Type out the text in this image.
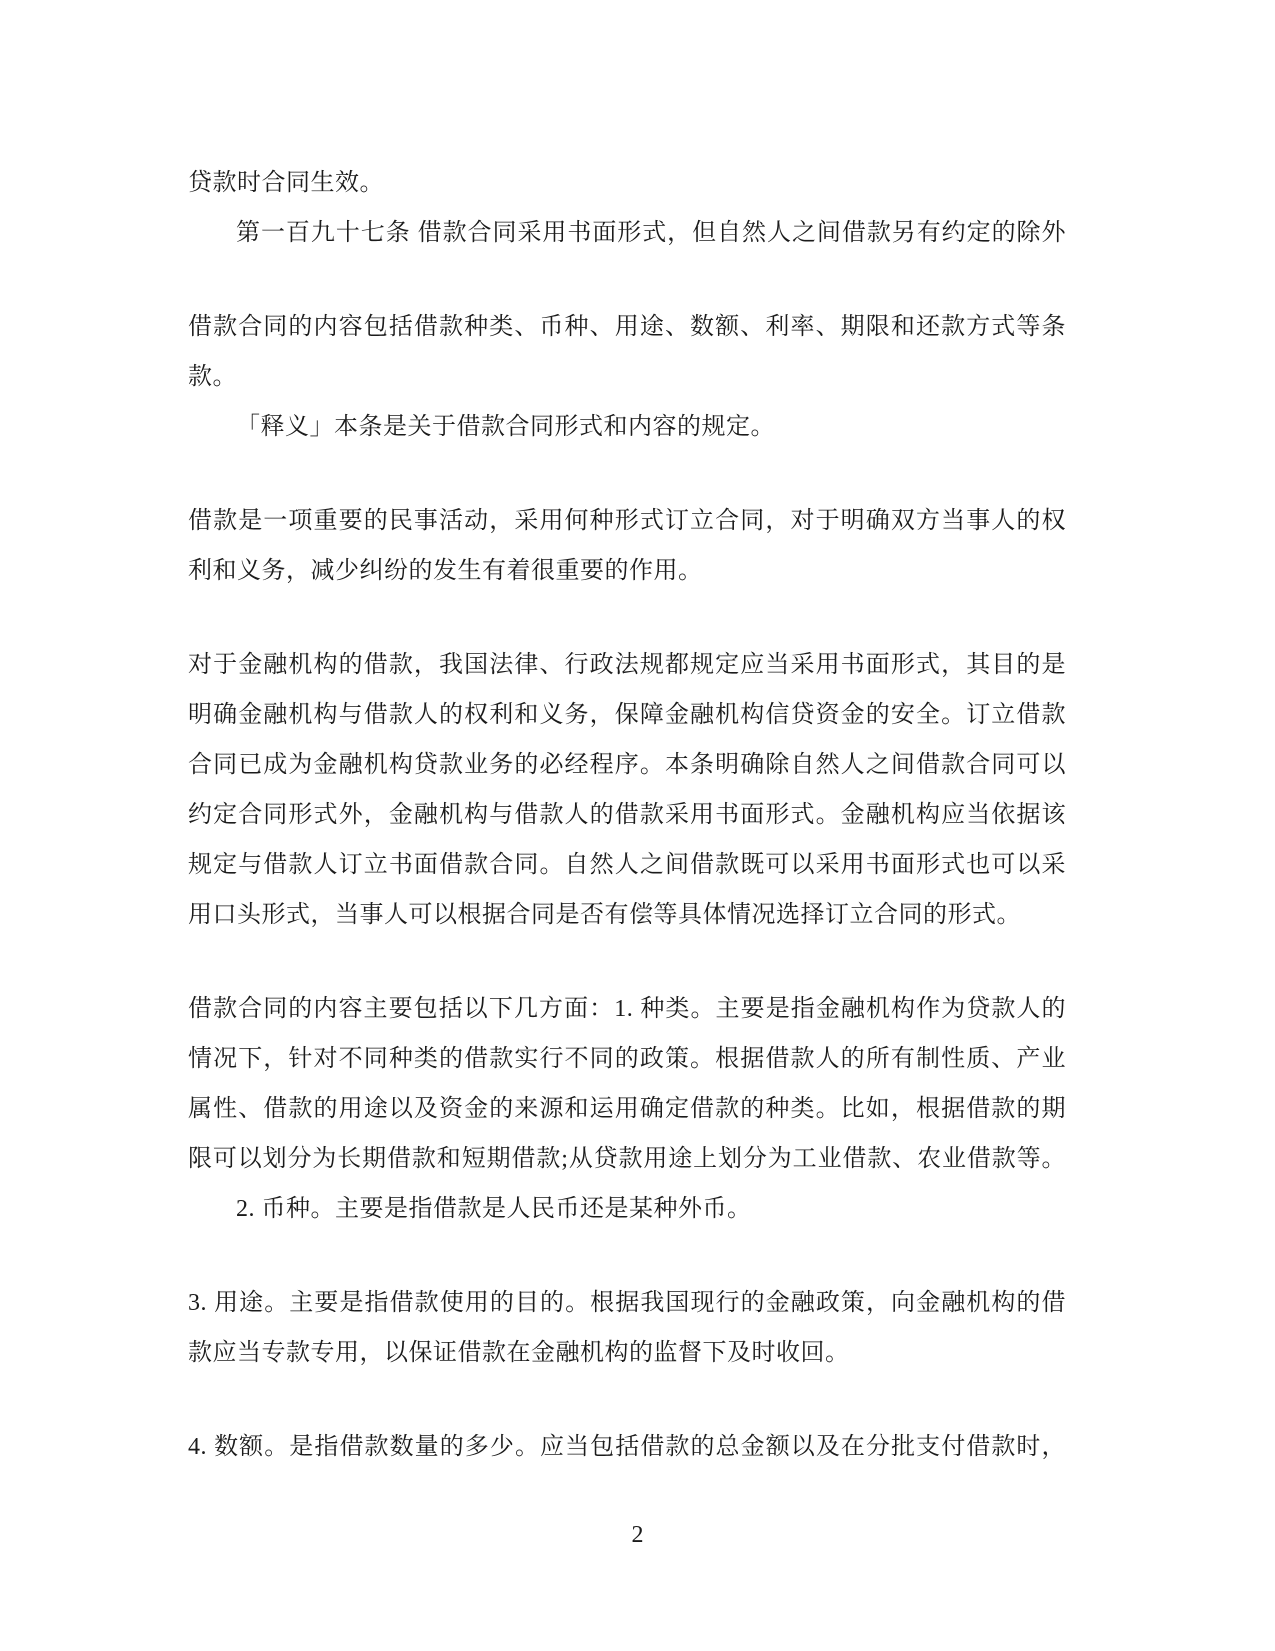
贷款时合同生效。
第一百九十七条 借款合同采用书面形式，但自然人之间借款另有约定的除外
借款合同的内容包括借款种类、币种、用途、数额、利率、期限和还款方式等条
款。
「释义」本条是关于借款合同形式和内容的规定。
借款是一项重要的民事活动，采用何种形式订立合同，对于明确双方当事人的权
利和义务，减少纠纷的发生有着很重要的作用。
对于金融机构的借款，我国法律、行政法规都规定应当采用书面形式，其目的是
明确金融机构与借款人的权利和义务，保障金融机构信贷资金的安全。订立借款
合同已成为金融机构贷款业务的必经程序。本条明确除自然人之间借款合同可以
约定合同形式外，金融机构与借款人的借款采用书面形式。金融机构应当依据该
规定与借款人订立书面借款合同。自然人之间借款既可以采用书面形式也可以采
用口头形式，当事人可以根据合同是否有偿等具体情况选择订立合同的形式。
借款合同的内容主要包括以下几方面：1. 种类。主要是指金融机构作为贷款人的
情况下，针对不同种类的借款实行不同的政策。根据借款人的所有制性质、产业
属性、借款的用途以及资金的来源和运用确定借款的种类。比如，根据借款的期
限可以划分为长期借款和短期借款;从贷款用途上划分为工业借款、农业借款等。
2. 币种。主要是指借款是人民币还是某种外币。
3. 用途。主要是指借款使用的目的。根据我国现行的金融政策，向金融机构的借
款应当专款专用，以保证借款在金融机构的监督下及时收回。
4. 数额。是指借款数量的多少。应当包括借款的总金额以及在分批支付借款时，
2
